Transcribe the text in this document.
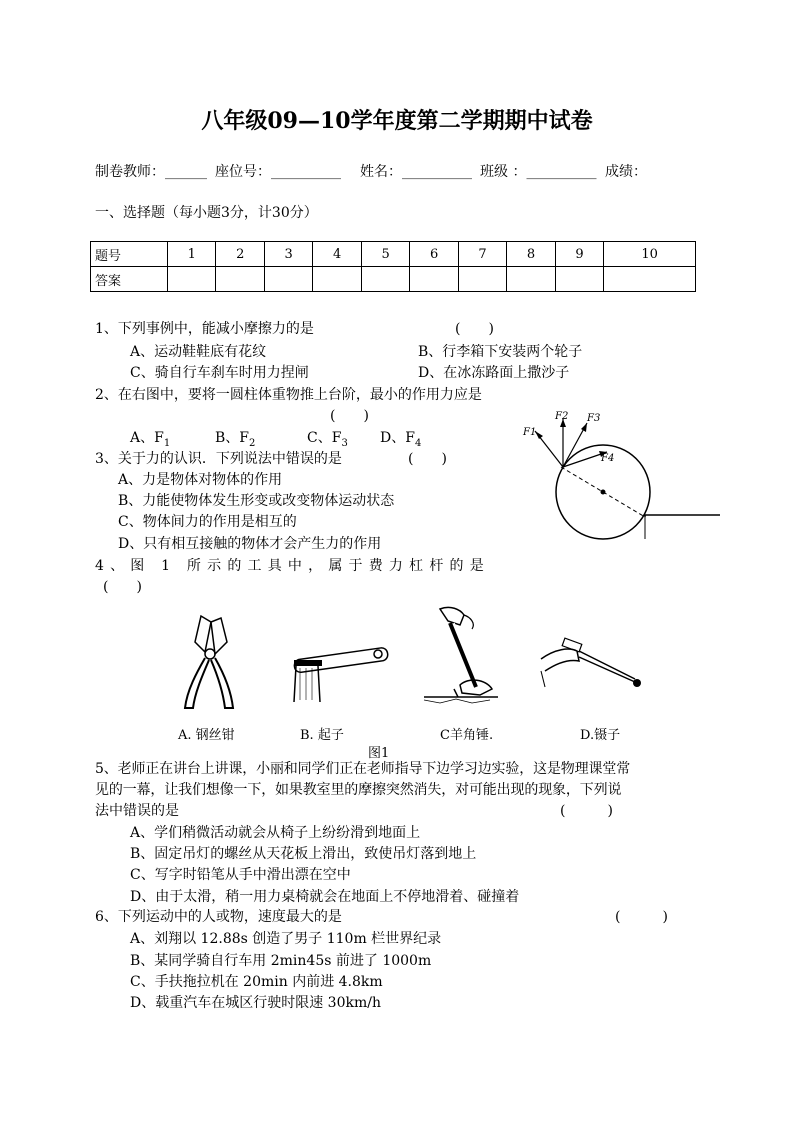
八年级09—10学年度第二学期期中试卷
制卷教师：______ 座位号：__________ 姓名：__________ 班级 ：__________ 成绩：
一、选择题（每小题3分，计30分）
题号	1	2	3	4	5	6	7	8	9	10
答案										
1、下列事例中，能减小摩擦力的是	(　　)
A、运动鞋鞋底有花纹	B、行李箱下安装两个轮子
C、骑自行车刹车时用力捏闸	D、在冰冻路面上撒沙子
2、在右图中，要将一圆柱体重物推上台阶，最小的作用力应是
(　　)
A、$F_1$	B、$F_2$	C、$F_3$ D、$F_4$
F1
F2 F3
F4
3、关于力的认识．下列说法中错误的是	(　　)
A、力是物体对物体的作用
B、力能使物体发生形变或改变物体运动状态
C、物体间力的作用是相互的
D、只有相互接触的物体才会产生力的作用
4、图 1 所示的工具中，属于费力杠杆的是
(　　)
A. 钢丝钳	B. 起子	C羊角锤.	D.镊子
图1
5、老师正在讲台上讲课，小丽和同学们正在老师指导下边学习边实验，这是物理课堂常
见的一幕，让我们想像一下，如果教室里的摩擦突然消失，对可能出现的现象，下列说
法中错误的是	(　　　)
A、学们稍微活动就会从椅子上纷纷滑到地面上
B、固定吊灯的螺丝从天花板上滑出，致使吊灯落到地上
C、写字时铅笔从手中滑出漂在空中
D、由于太滑，稍一用力桌椅就会在地面上不停地滑着、碰撞着
6、下列运动中的人或物，速度最大的是	(　　　)
A、刘翔以 12.88s 创造了男子 110m 栏世界纪录
B、某同学骑自行车用 2min45s 前进了 1000m
C、手扶拖拉机在 20min 内前进 4.8km
D、载重汽车在城区行驶时限速 30km/h
